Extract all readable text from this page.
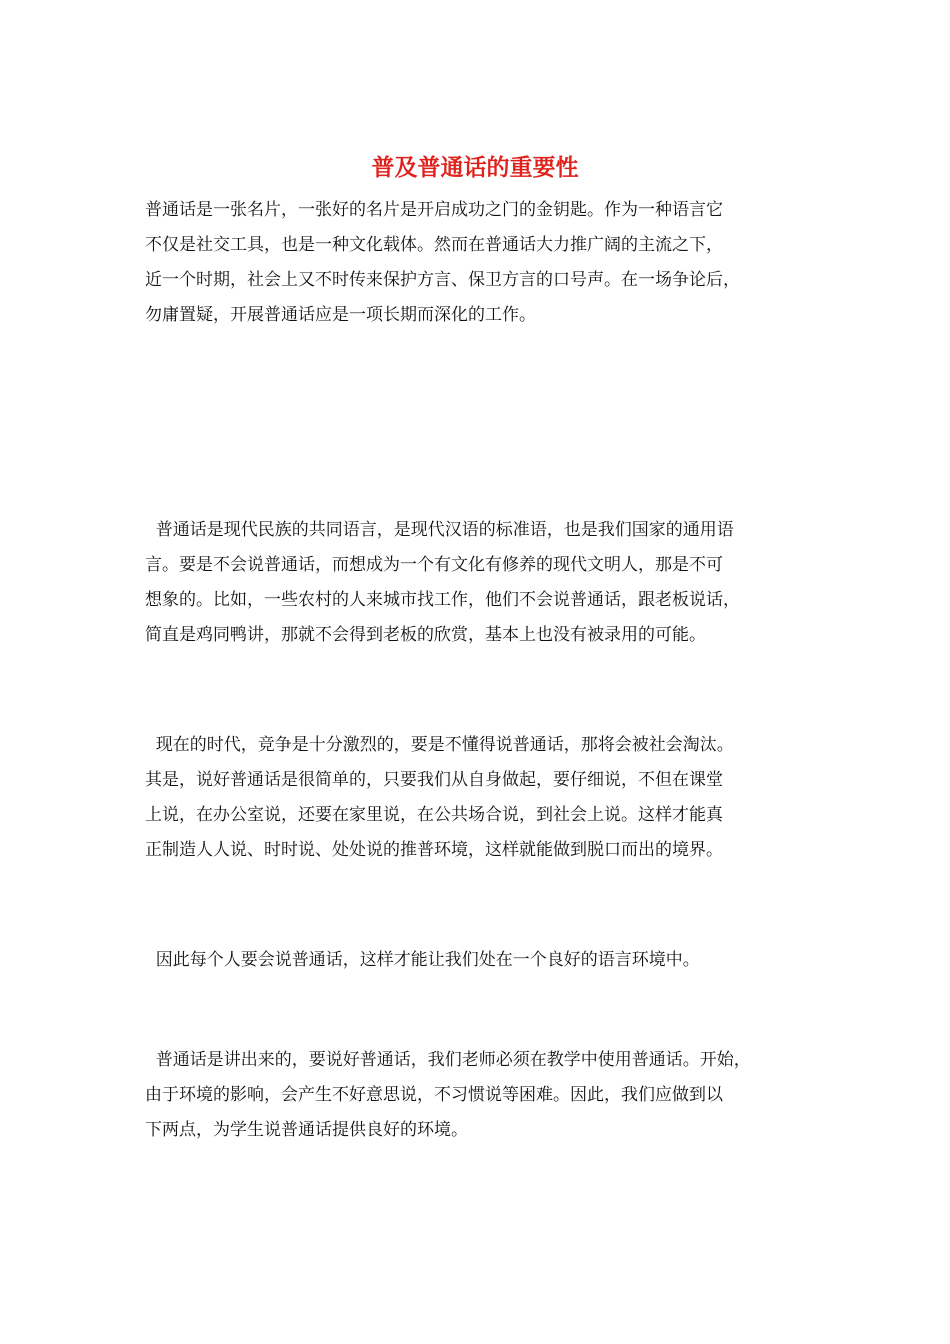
普及普通话的重要性
普通话是一张名片，一张好的名片是开启成功之门的金钥匙。作为一种语言它
不仅是社交工具，也是一种文化载体。然而在普通话大力推广阔的主流之下，
近一个时期，社会上又不时传来保护方言、保卫方言的口号声。在一场争论后，
勿庸置疑，开展普通话应是一项长期而深化的工作。
普通话是现代民族的共同语言，是现代汉语的标准语，也是我们国家的通用语
言。要是不会说普通话，而想成为一个有文化有修养的现代文明人，那是不可
想象的。比如，一些农村的人来城市找工作，他们不会说普通话，跟老板说话，
简直是鸡同鸭讲，那就不会得到老板的欣赏，基本上也没有被录用的可能。
现在的时代，竞争是十分激烈的，要是不懂得说普通话，那将会被社会淘汰。
其是，说好普通话是很简单的，只要我们从自身做起，要仔细说，不但在课堂
上说，在办公室说，还要在家里说，在公共场合说，到社会上说。这样才能真
正制造人人说、时时说、处处说的推普环境，这样就能做到脱口而出的境界。
因此每个人要会说普通话，这样才能让我们处在一个良好的语言环境中。
普通话是讲出来的，要说好普通话，我们老师必须在教学中使用普通话。开始，
由于环境的影响，会产生不好意思说，不习惯说等困难。因此，我们应做到以
下两点，为学生说普通话提供良好的环境。
